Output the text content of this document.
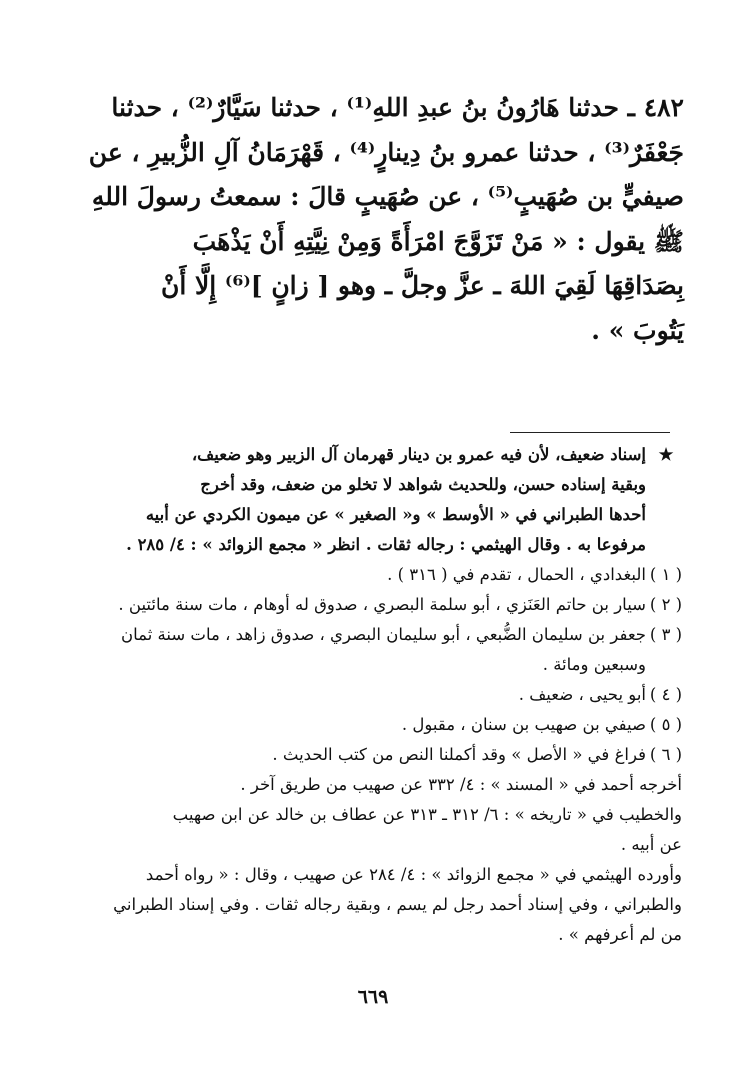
٤٨٢ ـ حدثنا هَارُونُ بنُ عبدِ اللهِ⁽¹⁾ ، حدثنا سَيَّارٌ⁽²⁾ ، حدثنا
جَعْفَرٌ⁽³⁾ ، حدثنا عمرو بنُ دِينارٍ⁽⁴⁾ ، قَهْرَمَانُ آلِ الزُّبيرِ ، عن
صيفيٍّ بن صُهَيبٍ⁽⁵⁾ ، عن صُهَيبٍ قالَ : سمعتُ رسولَ اللهِ
ﷺ يقول : « مَنْ تَزَوَّجَ امْرَأَةً وَمِنْ نِيَّتِهِ أَنْ يَذْهَبَ
بِصَدَاقِهَا لَقِيَ اللهَ ـ عزَّ وجلَّ ـ وهو [ زانٍ ]⁽⁶⁾ إِلَّا أَنْ
يَتُوبَ » .
★
إسناد ضعيف، لأن فيه عمرو بن دينار قهرمان آل الزبير وهو ضعيف،
وبقية إسناده حسن، وللحديث شواهد لا تخلو من ضعف، وقد أخرج
أحدها الطبراني في « الأوسط » و« الصغير » عن ميمون الكردي عن أبيه
مرفوعا به . وقال الهيثمي : رجاله ثقات . انظر « مجمع الزوائد » : ٤/ ٢٨٥ .
( ١ )
البغدادي ، الحمال ، تقدم في ( ٣١٦ ) .
( ٢ )
سيار بن حاتم العَنَزي ، أبو سلمة البصري ، صدوق له أوهام ، مات سنة مائتين .
( ٣ )
جعفر بن سليمان الضُّبعي ، أبو سليمان البصري ، صدوق زاهد ، مات سنة ثمان
وسبعين ومائة .
( ٤ )
أبو يحيى ، ضعيف .
( ٥ )
صيفي بن صهيب بن سنان ، مقبول .
( ٦ )
فراغ في « الأصل » وقد أكملنا النص من كتب الحديث .
أخرجه أحمد في « المسند » : ٤/ ٣٣٢ عن صهيب من طريق آخر .
والخطيب في « تاريخه » : ٦/ ٣١٢ ـ ٣١٣ عن عطاف بن خالد عن ابن صهيب
عن أبيه .
وأورده الهيثمي في « مجمع الزوائد » : ٤/ ٢٨٤ عن صهيب ، وقال : « رواه أحمد
والطبراني ، وفي إسناد أحمد رجل لم يسم ، وبقية رجاله ثقات . وفي إسناد الطبراني
من لم أعرفهم » .
٦٦٩
